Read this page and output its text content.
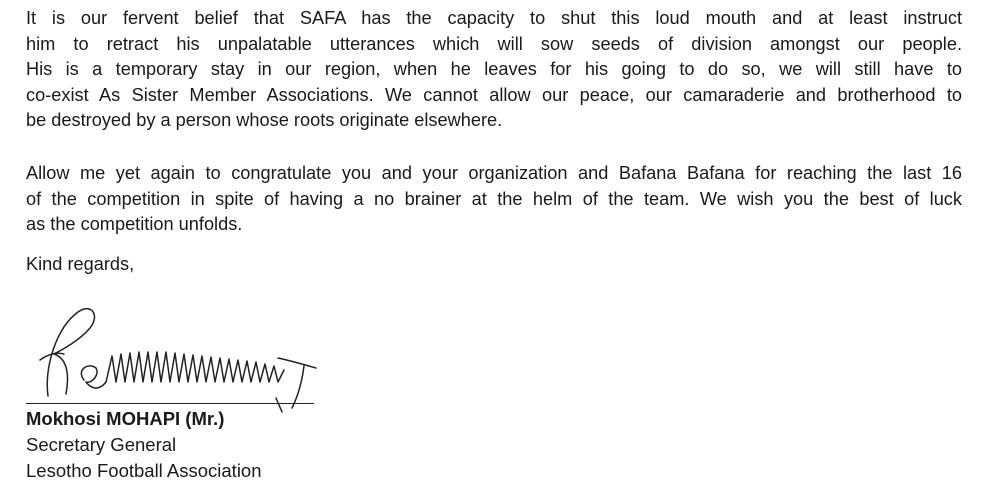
It is our fervent belief that SAFA has the capacity to shut this loud mouth and at least instruct
him to retract his unpalatable utterances which will sow seeds of division amongst our people.
His is a temporary stay in our region, when he leaves for his going to do so, we will still have to
co-exist As Sister Member Associations. We cannot allow our peace, our camaraderie and brotherhood to
be destroyed by a person whose roots originate elsewhere.
Allow me yet again to congratulate you and your organization and Bafana Bafana for reaching the last 16
of the competition in spite of having a no brainer at the helm of the team. We wish you the best of luck
as the competition unfolds.
Kind regards,
Mokhosi MOHAPI (Mr.)
Secretary General
Lesotho Football Association
